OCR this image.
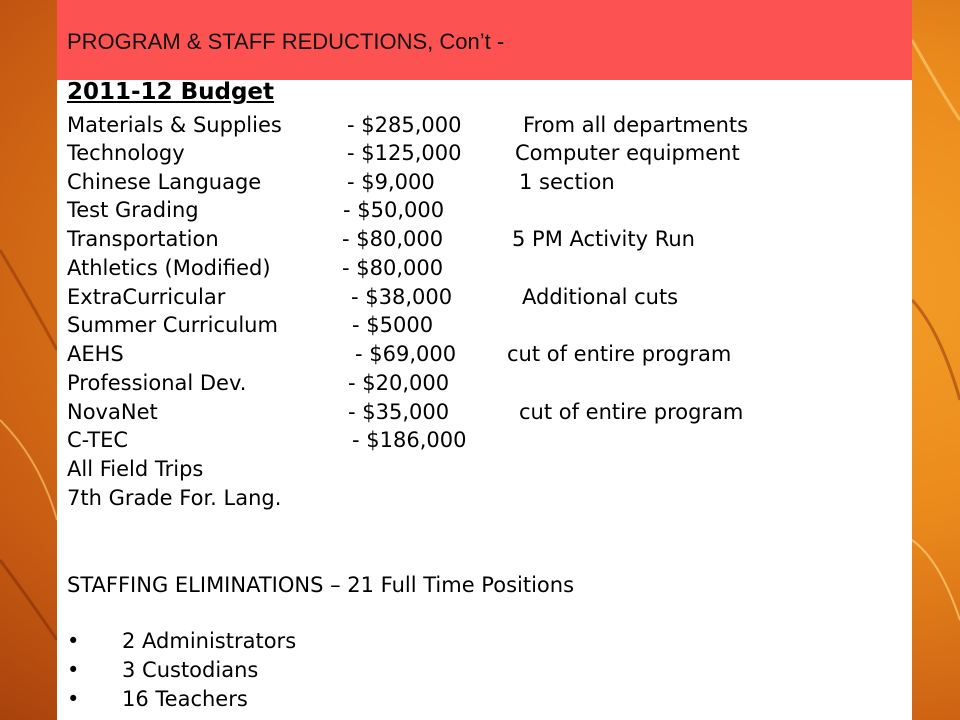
PROGRAM & STAFF REDUCTIONS, Con’t -
2011-12 Budget
Materials & Supplies	- $285,000	From all departments
Technology	- $125,000	Computer equipment
Chinese Language	- $9,000	1 section
Test Grading	- $50,000
Transportation	- $80,000	5 PM Activity Run
Athletics (Modified)	- $80,000
ExtraCurricular	- $38,000	Additional cuts
Summer Curriculum	- $5000
AEHS	- $69,000 cut of entire program
Professional Dev.	- $20,000
NovaNet	- $35,000	cut of entire program
C-TEC	- $186,000
All Field Trips
7th Grade For. Lang.
STAFFING ELIMINATIONS – 21 Full Time Positions
• 2 Administrators
• 3 Custodians
• 16 Teachers
